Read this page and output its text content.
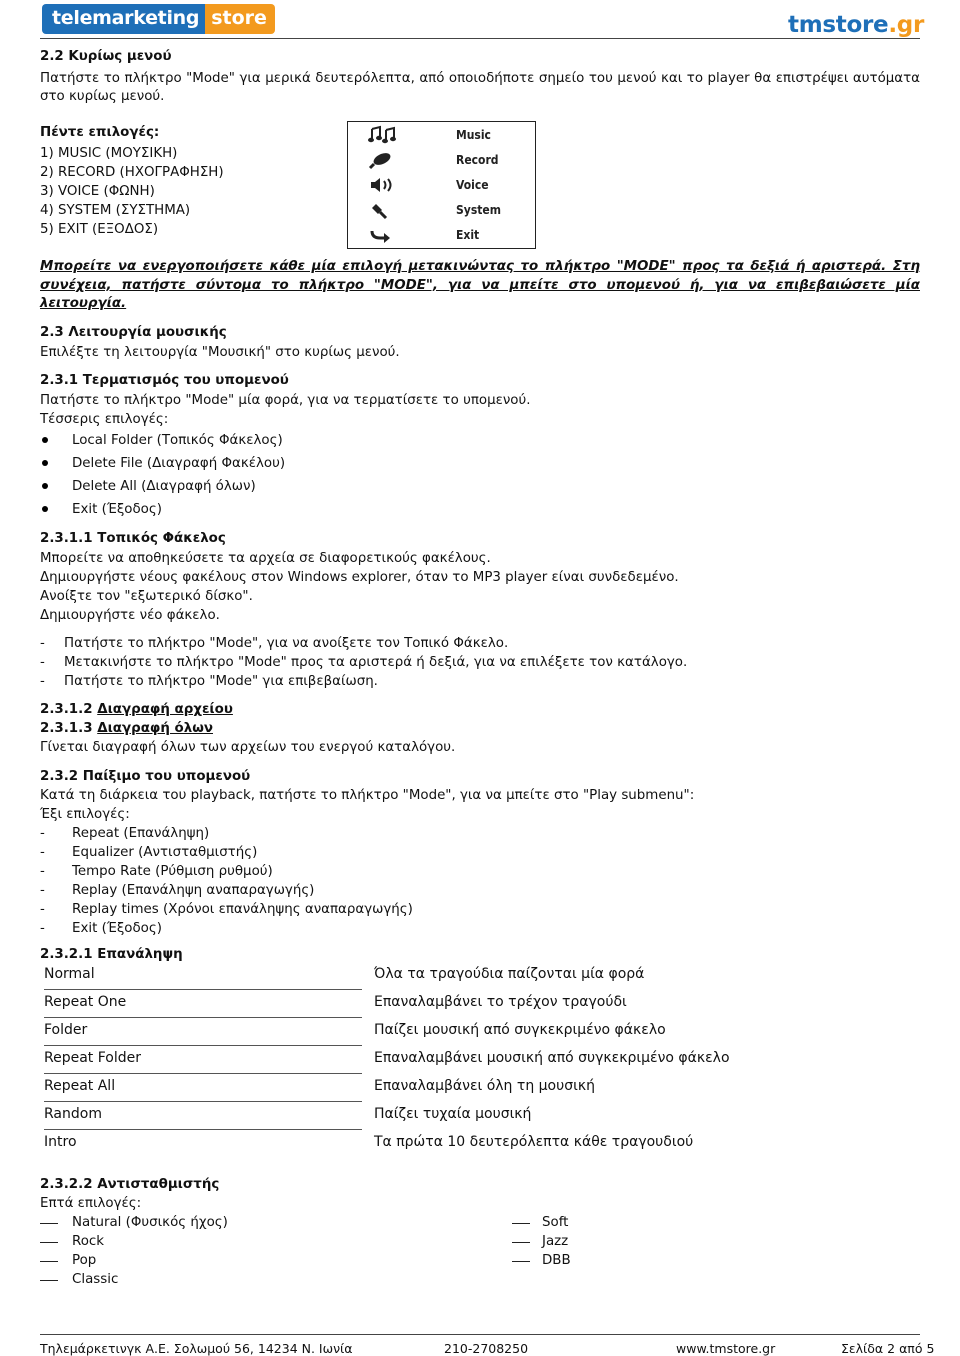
telemarketing store	tmstore.gr
2.2 Κυρίως μενού
Πατήστε το πλήκτρο "Mode" για μερικά δευτερόλεπτα, από οποιοδήποτε σημείο του μενού και το player θα επιστρέψει αυτόματα στο κυρίως μενού.
Πέντε επιλογές:
1) MUSIC (ΜΟΥΣΙΚΗ)
2) RECORD (ΗΧΟΓΡΑΦΗΣΗ)
3) VOICE (ΦΩΝΗ)
4) SYSTEM (ΣΥΣΤΗΜΑ)
5) EXIT (ΕΞΟΔΟΣ)
Music
Record
Voice
System
Exit
Μπορείτε να ενεργοποιήσετε κάθε μία επιλογή μετακινώντας το πλήκτρο "MODE" προς τα δεξιά ή αριστερά. Στη συνέχεια, πατήστε σύντομα το πλήκτρο "MODE", για να μπείτε στο υπομενού ή, για να επιβεβαιώσετε μία λειτουργία.
2.3 Λειτουργία μουσικής
Επιλέξτε τη λειτουργία "Μουσική" στο κυρίως μενού.
2.3.1 Τερματισμός του υπομενού
Πατήστε το πλήκτρο "Mode" μία φορά, για να τερματίσετε το υπομενού.
Τέσσερις επιλογές:
Local Folder (Τοπικός Φάκελος)
Delete File (Διαγραφή Φακέλου)
Delete All (Διαγραφή όλων)
Exit (Έξοδος)
2.3.1.1 Τοπικός Φάκελος
Μπορείτε να αποθηκεύσετε τα αρχεία σε διαφορετικούς φακέλους.
Δημιουργήστε νέους φακέλους στον Windows explorer, όταν το MP3 player είναι συνδεδεμένο.
Ανοίξτε τον "εξωτερικό δίσκο".
Δημιουργήστε νέο φάκελο.
- Πατήστε το πλήκτρο "Mode", για να ανοίξετε τον Τοπικό Φάκελο.
- Μετακινήστε το πλήκτρο "Mode" προς τα αριστερά ή δεξιά, για να επιλέξετε τον κατάλογο.
- Πατήστε το πλήκτρο "Mode" για επιβεβαίωση.
2.3.1.2 Διαγραφή αρχείου
2.3.1.3 Διαγραφή όλων
Γίνεται διαγραφή όλων των αρχείων του ενεργού καταλόγου.
2.3.2 Παίξιμο του υπομενού
Κατά τη διάρκεια του playback, πατήστε το πλήκτρο "Mode", για να μπείτε στο "Play submenu":
Έξι επιλογές:
- Repeat (Επανάληψη)
- Equalizer (Αντισταθμιστής)
- Tempo Rate (Ρύθμιση ρυθμού)
- Replay (Επανάληψη αναπαραγωγής)
- Replay times (Χρόνοι επανάληψης αναπαραγωγής)
- Exit (Έξοδος)
2.3.2.1 Επανάληψη
Normal	Όλα τα τραγούδια παίζονται μία φορά

Repeat One	Επαναλαμβάνει το τρέχον τραγούδι

Folder	Παίζει μουσική από συγκεκριμένο φάκελο

Repeat Folder	Επαναλαμβάνει μουσική από συγκεκριμένο φάκελο

Repeat All	Επαναλαμβάνει όλη τη μουσική

Random	Παίζει τυχαία μουσική

Intro	Τα πρώτα 10 δευτερόλεπτα κάθε τραγουδιού
2.3.2.2 Αντισταθμιστής
Επτά επιλογές:
Natural (Φυσικός ήχος)
Rock
Pop
Classic
Soft
Jazz
DBB
Τηλεμάρκετινγκ Α.Ε. Σολωμού 56, 14234 Ν. Ιωνία	210-2708250	www.tmstore.gr	Σελίδα 2 από 5
